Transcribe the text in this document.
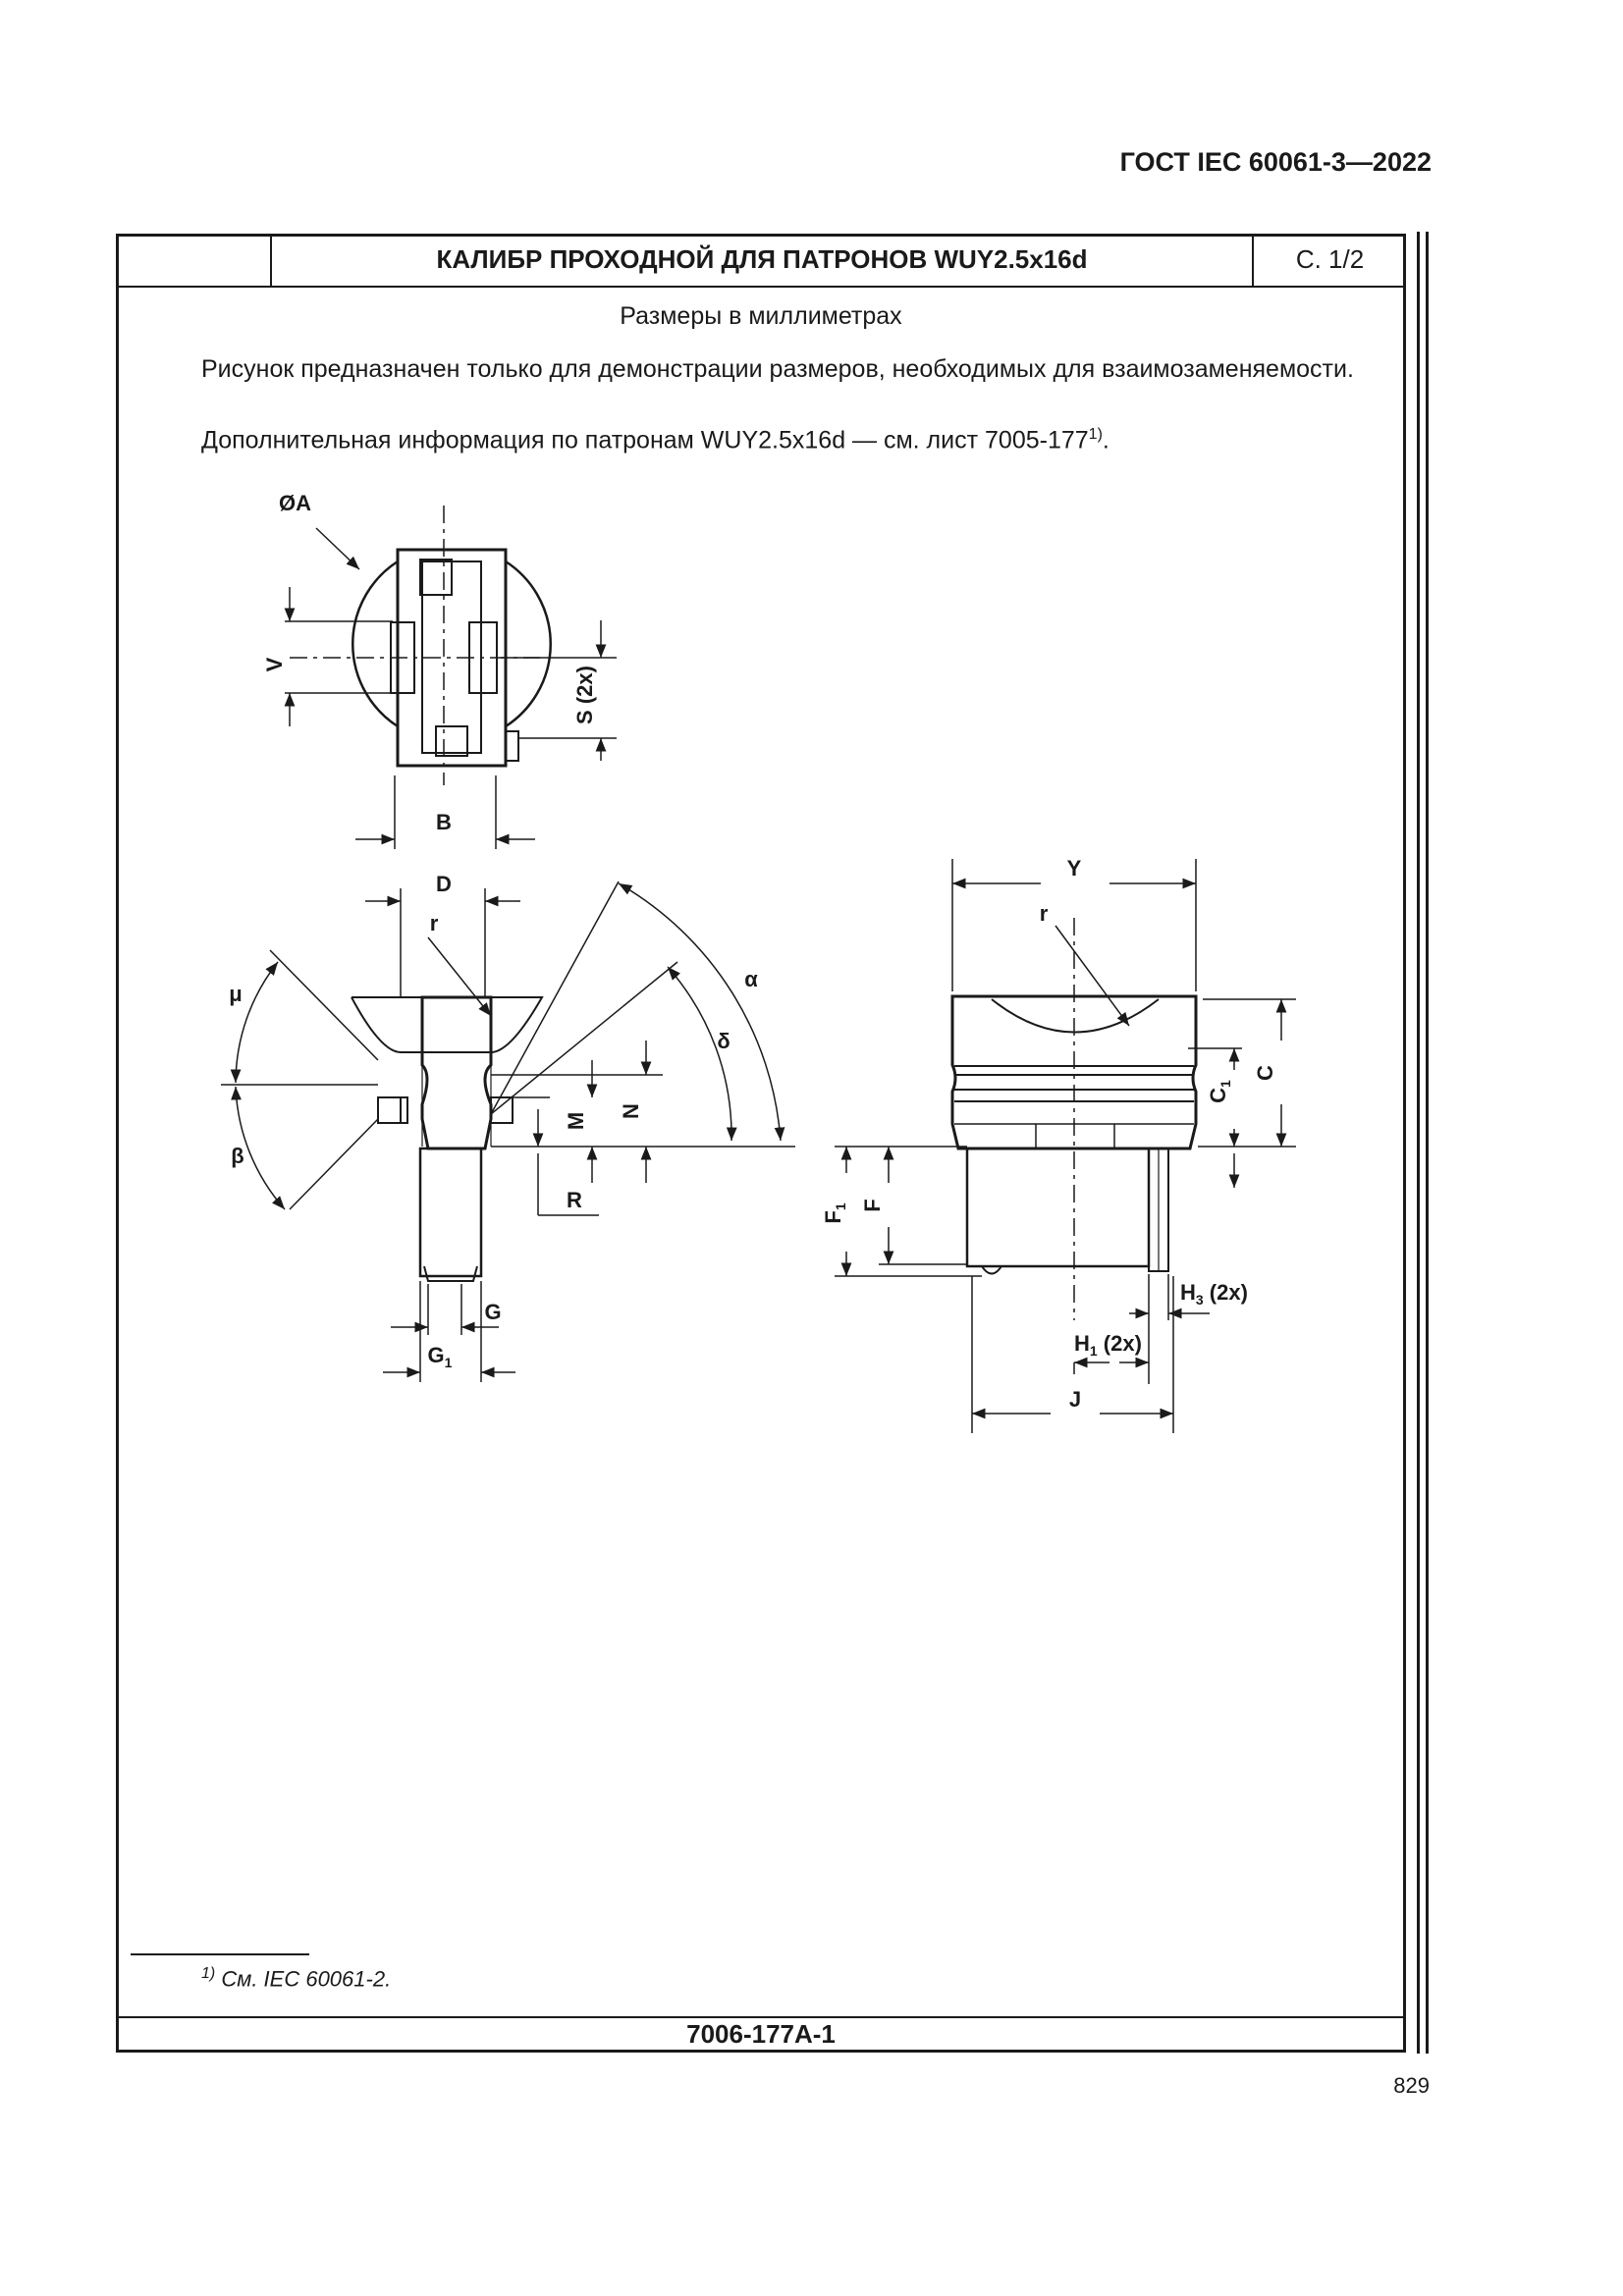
ГОСТ IEC 60061-3—2022
КАЛИБР ПРОХОДНОЙ ДЛЯ ПАТРОНОВ WUY2.5x16d	С. 1/2
Размеры в миллиметрах
Рисунок предназначен только для демонстрации размеров, необходимых для взаимозаменяемости.
Дополнительная информация по патронам WUY2.5x16d — см. лист 7005-177$^{1)}$.
ØA
V
S (2x)
B
D
r
μ
β
α
δ
M
N
R
G
$G_1$
Y
r
C
$C_1$
F
$F_1$
$H_3$ (2x)
$H_1$ (2x)
J
$^{1)}$ См. IEC 60061-2.
7006-177A-1
829
